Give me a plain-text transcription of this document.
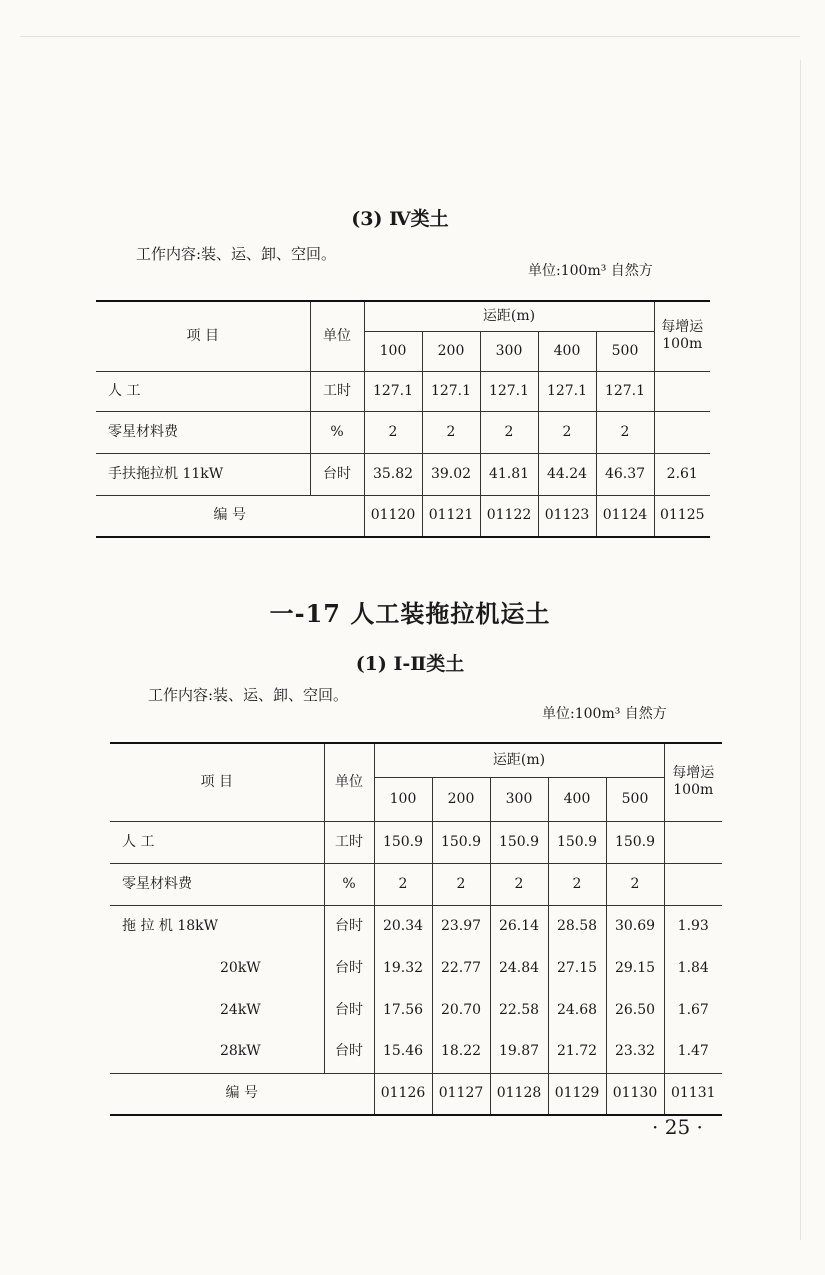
(3) Ⅳ类土
工作内容:装、运、卸、空回。
单位:100m³ 自然方
项 目	单位	运距(m)					每增运 100m
		100	200	300	400	500	
人 工	工时	127.1	127.1	127.1	127.1	127.1	
零星材料费	%	2	2	2	2	2	
手扶拖拉机 11kW	台时	35.82	39.02	41.81	44.24	46.37	2.61
编 号		01120	01121	01122	01123	01124	01125
一-17 人工装拖拉机运土
(1) Ⅰ-Ⅱ类土
工作内容:装、运、卸、空回。
单位:100m³ 自然方
项 目	单位	运距(m)					每增运 100m
		100	200	300	400	500	
人 工	工时	150.9	150.9	150.9	150.9	150.9	
零星材料费	%	2	2	2	2	2	
拖 拉 机 18kW	台时	20.34	23.97	26.14	28.58	30.69	1.93
20kW	台时	19.32	22.77	24.84	27.15	29.15	1.84
24kW	台时	17.56	20.70	22.58	24.68	26.50	1.67
28kW	台时	15.46	18.22	19.87	21.72	23.32	1.47
编 号		01126	01127	01128	01129	01130	01131
· 25 ·
